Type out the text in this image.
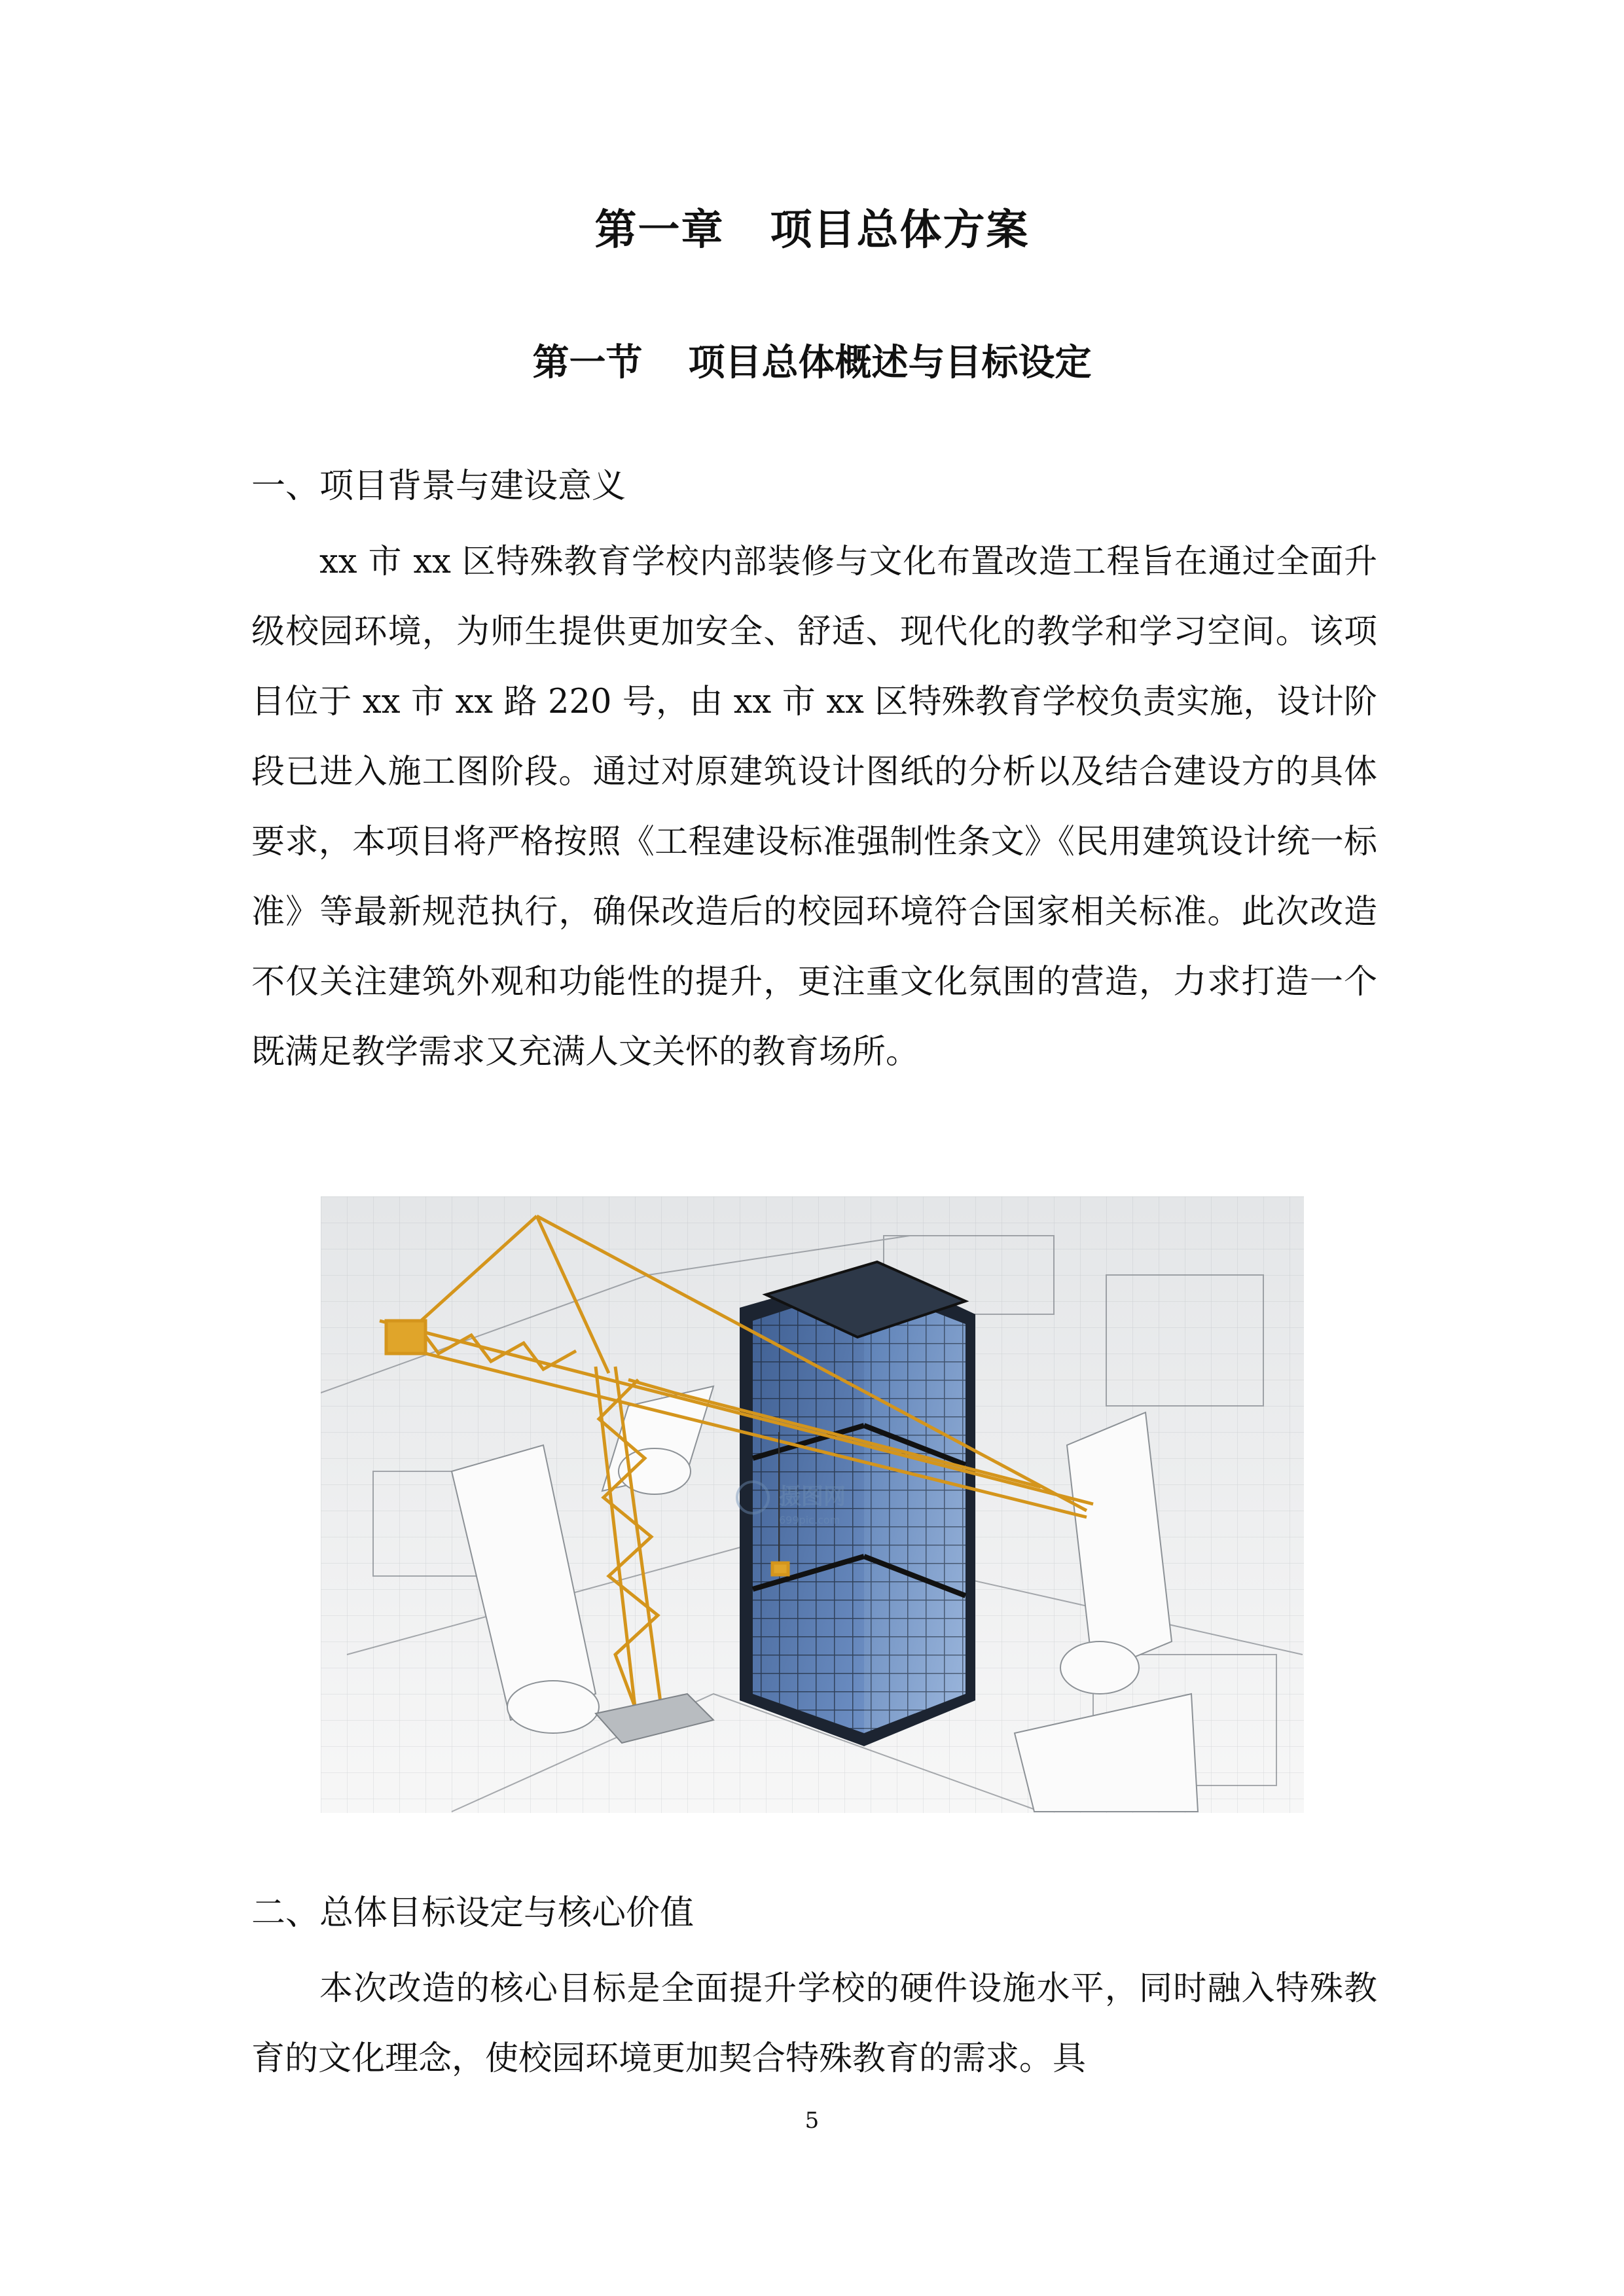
第一章 项目总体方案
第一节 项目总体概述与目标设定
一、项目背景与建设意义

xx 市 xx 区特殊教育学校内部装修与文化布置改造工程旨在通过全面升级校园环境，为师生提供更加安全、舒适、现代化的教学和学习空间。该项目位于 xx 市 xx 路 220 号，由 xx 市 xx 区特殊教育学校负责实施，设计阶段已进入施工图阶段。通过对原建筑设计图纸的分析以及结合建设方的具体要求，本项目将严格按照《工程建设标准强制性条文》《民用建筑设计统一标准》等最新规范执行，确保改造后的校园环境符合国家相关标准。此次改造不仅关注建筑外观和功能性的提升，更注重文化氛围的营造，力求打造一个既满足教学需求又充满人文关怀的教育场所。

摄图网
699pic.com
二、总体目标设定与核心价值

本次改造的核心目标是全面提升学校的硬件设施水平，同时融入特殊教育的文化理念，使校园环境更加契合特殊教育的需求。具

5
